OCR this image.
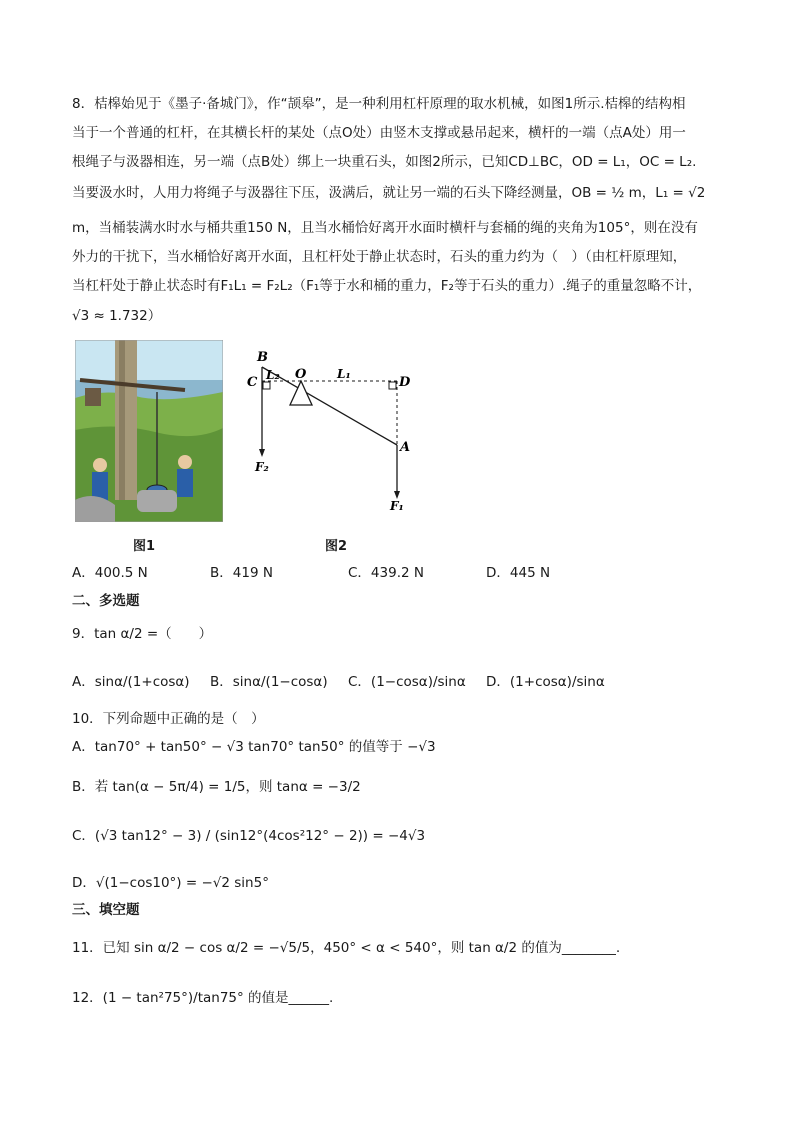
8．桔槔始见于《墨子·备城门》，作“颉皋”，是一种利用杠杆原理的取水机械，如图1所示.桔槔的结构相
当于一个普通的杠杆，在其横长杆的某处（点O处）由竖木支撑或悬吊起来，横杆的一端（点A处）用一
根绳子与汲器相连，另一端（点B处）绑上一块重石头，如图2所示，已知CD⊥BC，OD = L₁，OC = L₂.
当要汲水时，人用力将绳子与汲器往下压，汲满后，就让另一端的石头下降经测量，OB = ½ m，L₁ = √2
m，当桶装满水时水与桶共重150 N，且当水桶恰好离开水面时横杆与套桶的绳的夹角为105°，则在没有
外力的干扰下，当水桶恰好离开水面，且杠杆处于静止状态时，石头的重力约为（　）（由杠杆原理知，
当杠杆处于静止状态时有F₁L₁ = F₂L₂（F₁等于水和桶的重力，F₂等于石头的重力）.绳子的重量忽略不计，
√3 ≈ 1.732）
图1
B
C L₂ O	L₁
D
A
F₂
F₁
图2
A．400.5 N	B．419 N	C．439.2 N	D．445 N
二、多选题
9．tan α/2 =（　　）
A．sinα/(1+cosα) B．sinα/(1−cosα) C．(1−cosα)/sinα D．(1+cosα)/sinα
10．下列命题中正确的是（　）
A．tan70° + tan50° − √3 tan70° tan50° 的值等于 −√3
B．若 tan(α − 5π/4) = 1/5，则 tanα = −3/2
C．(√3 tan12° − 3) / (sin12°(4cos²12° − 2)) = −4√3
D．√(1−cos10°) = −√2 sin5°
三、填空题
11．已知 sin α/2 − cos α/2 = −√5/5，450° < α < 540°，则 tan α/2 的值为________.
12．(1 − tan²75°)/tan75° 的值是______.
